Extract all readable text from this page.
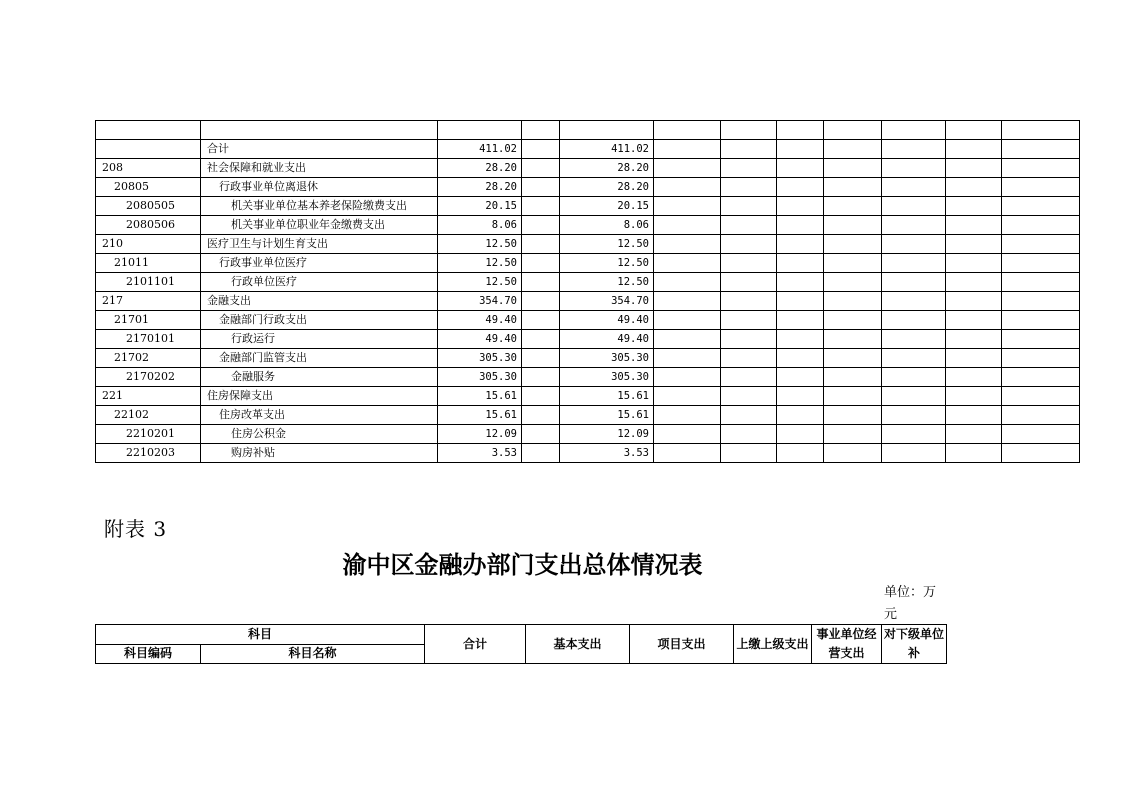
	合计	411.02		411.02							
208	社会保障和就业支出	28.20		28.20							
20805	行政事业单位离退休	28.20		28.20							
2080505	机关事业单位基本养老保险缴费支出	20.15		20.15							
2080506	机关事业单位职业年金缴费支出	8.06		8.06							
210	医疗卫生与计划生育支出	12.50		12.50							
21011	行政事业单位医疗	12.50		12.50							
2101101	行政单位医疗	12.50		12.50							
217	金融支出	354.70		354.70							
21701	金融部门行政支出	49.40		49.40							
2170101	行政运行	49.40		49.40							
21702	金融部门监管支出	305.30		305.30							
2170202	金融服务	305.30		305.30							
221	住房保障支出	15.61		15.61							
22102	住房改革支出	15.61		15.61							
2210201	住房公积金	12.09		12.09							
2210203	购房补贴	3.53		3.53							
附表 3
渝中区金融办部门支出总体情况表
单位：万元
科目		合计	基本支出	项目支出	上缴上级支出	事业单位经营支出	对下级单位补
科目编码	科目名称						
